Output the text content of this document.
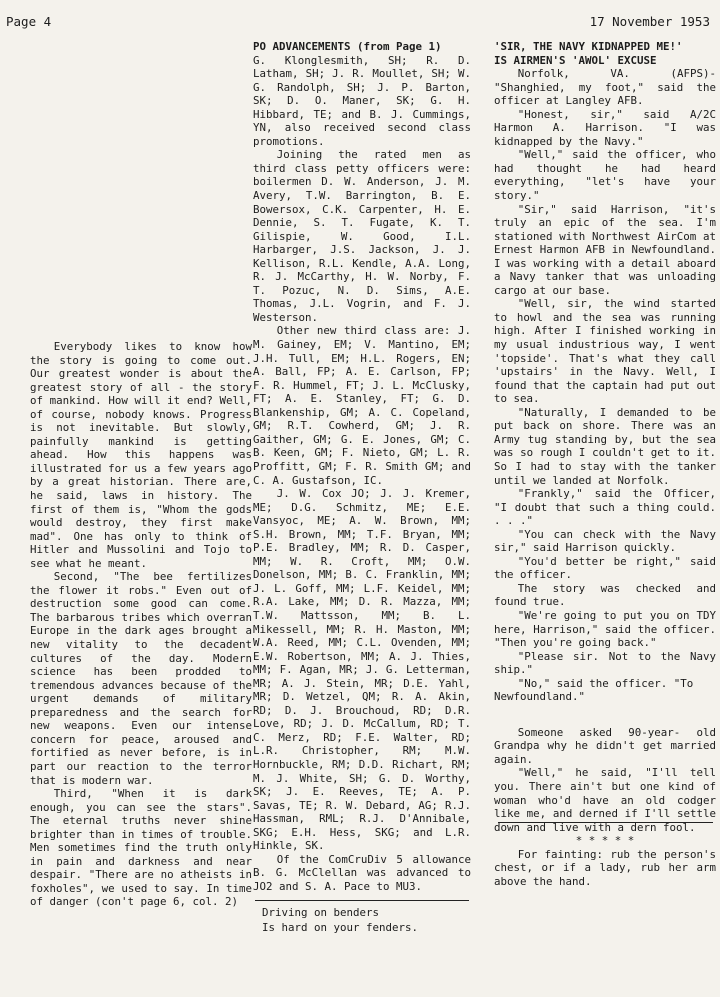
Page 4	17 November 1953

Everybody likes to know how the story is going to come out. Our greatest wonder is about the greatest story of all - the story of mankind. How will it end? Well, of course, nobody knows. Progress is not inevitable. But slowly, painfully mankind is getting ahead. How this happens was illustrated for us a few years ago by a great historian. There are, he said, laws in history. The first of them is, "Whom the gods would destroy, they first make mad". One has only to think of Hitler and Mussolini and Tojo to see what he meant.

Second, "The bee fertilizes the flower it robs." Even out of destruction some good can come. The barbarous tribes which overran Europe in the dark ages brought a new vitality to the decadent cultures of the day. Modern science has been prodded to tremendous advances because of the urgent demands of military preparedness and the search for new weapons. Even our intense concern for peace, aroused and fortified as never before, is in part our reaction to the terror that is modern war.

Third, "When it is dark enough, you can see the stars". The eternal truths never shine brighter than in times of trouble. Men sometimes find the truth only in pain and darkness and near despair. "There are no atheists in foxholes", we used to say. In time of danger (con't page 6, col. 2)

PO ADVANCEMENTS (from Page 1)

G. Klonglesmith, SH; R. D. Latham, SH; J. R. Moullet, SH; W. G. Randolph, SH; J. P. Barton, SK; D. O. Maner, SK; G. H. Hibbard, TE; and B. J. Cummings, YN, also received second class promotions.

Joining the rated men as third class petty officers were: boilermen D. W. Anderson, J. M. Avery, T.W. Barrington, B. E. Bowersox, C.K. Carpenter, H. E. Dennie, S. T. Fugate, K. T. Gilispie, W. Good, I.L. Harbarger, J.S. Jackson, J. J. Kellison, R.L. Kendle, A.A. Long, R. J. McCarthy, H. W. Norby, F. T. Pozuc, N. D. Sims, A.E. Thomas, J.L. Vogrin, and F. J. Westerson.

Other new third class are: J. M. Gainey, EM; V. Mantino, EM; J.H. Tull, EM; H.L. Rogers, EN; A. Ball, FP; A. E. Carlson, FP; F. R. Hummel, FT; J. L. McClusky, FT; A. E. Stanley, FT; G. D. Blankenship, GM; A. C. Copeland, GM; R.T. Cowherd, GM; J. R. Gaither, GM; G. E. Jones, GM; C. B. Keen, GM; F. Nieto, GM; L. R. Proffitt, GM; F. R. Smith GM; and C. A. Gustafson, IC.

J. W. Cox JO; J. J. Kremer, ME; D.G. Schmitz, ME; E.E. Vansyoc, ME; A. W. Brown, MM; S.H. Brown, MM; T.F. Bryan, MM; P.E. Bradley, MM; R. D. Casper, MM; W. R. Croft, MM; O.W. Donelson, MM; B. C. Franklin, MM; J. L. Goff, MM; L.F. Keidel, MM; R.A. Lake, MM; D. R. Mazza, MM; T.W. Mattsson, MM; B. L. Mikessell, MM; R. H. Maston, MM; W.A. Reed, MM; C.L. Ovenden, MM; E.W. Robertson, MM; A. J. Thies, MM; F. Agan, MR; J. G. Letterman, MR; A. J. Stein, MR; D.E. Yahl, MR; D. Wetzel, QM; R. A. Akin, RD; D. J. Brouchoud, RD; D.R. Love, RD; J. D. McCallum, RD; T. C. Merz, RD; F.E. Walter, RD; L.R. Christopher, RM; M.W. Hornbuckle, RM; D.D. Richart, RM; M. J. White, SH; G. D. Worthy, SK; J. E. Reeves, TE; A. P. Savas, TE; R. W. Debard, AG; R.J. Hassman, RML; R.J. D'Annibale, SKG; E.H. Hess, SKG; and L.R. Hinkle, SK.

Of the ComCruDiv 5 allowance B. G. McClellan was advanced to JO2 and S. A. Pace to MU3.

Driving on benders
Is hard on your fenders.

'SIR, THE NAVY KIDNAPPED ME!'

IS AIRMEN'S 'AWOL' EXCUSE

Norfolk, VA. (AFPS)- "Shanghied, my foot," said the officer at Langley AFB.

"Honest, sir," said A/2C Harmon A. Harrison. "I was kidnapped by the Navy."

"Well," said the officer, who had thought he had heard everything, "let's have your story."

"Sir," said Harrison, "it's truly an epic of the sea. I'm stationed with Northwest AirCom at Ernest Harmon AFB in Newfoundland. I was working with a detail aboard a Navy tanker that was unloading cargo at our base.

"Well, sir, the wind started to howl and the sea was running high. After I finished working in my usual industrious way, I went 'topside'. That's what they call 'upstairs' in the Navy. Well, I found that the captain had put out to sea.

"Naturally, I demanded to be put back on shore. There was an Army tug standing by, but the sea was so rough I couldn't get to it. So I had to stay with the tanker until we landed at Norfolk.

"Frankly," said the Officer, "I doubt that such a thing could. . . ."

"You can check with the Navy sir," said Harrison quickly.

"You'd better be right," said the officer.

The story was checked and found true.

"We're going to put you on TDY here, Harrison," said the officer. "Then you're going back."

"Please sir. Not to the Navy ship."

"No," said the officer. "To Newfoundland."

Someone asked 90-year- old Grandpa why he didn't get married again.

"Well," he said, "I'll tell you. There ain't but one kind of woman who'd have an old codger like me, and derned if I'll settle down and live with a dern fool.

* * * * *

For fainting: rub the person's chest, or if a lady, rub her arm above the hand.
